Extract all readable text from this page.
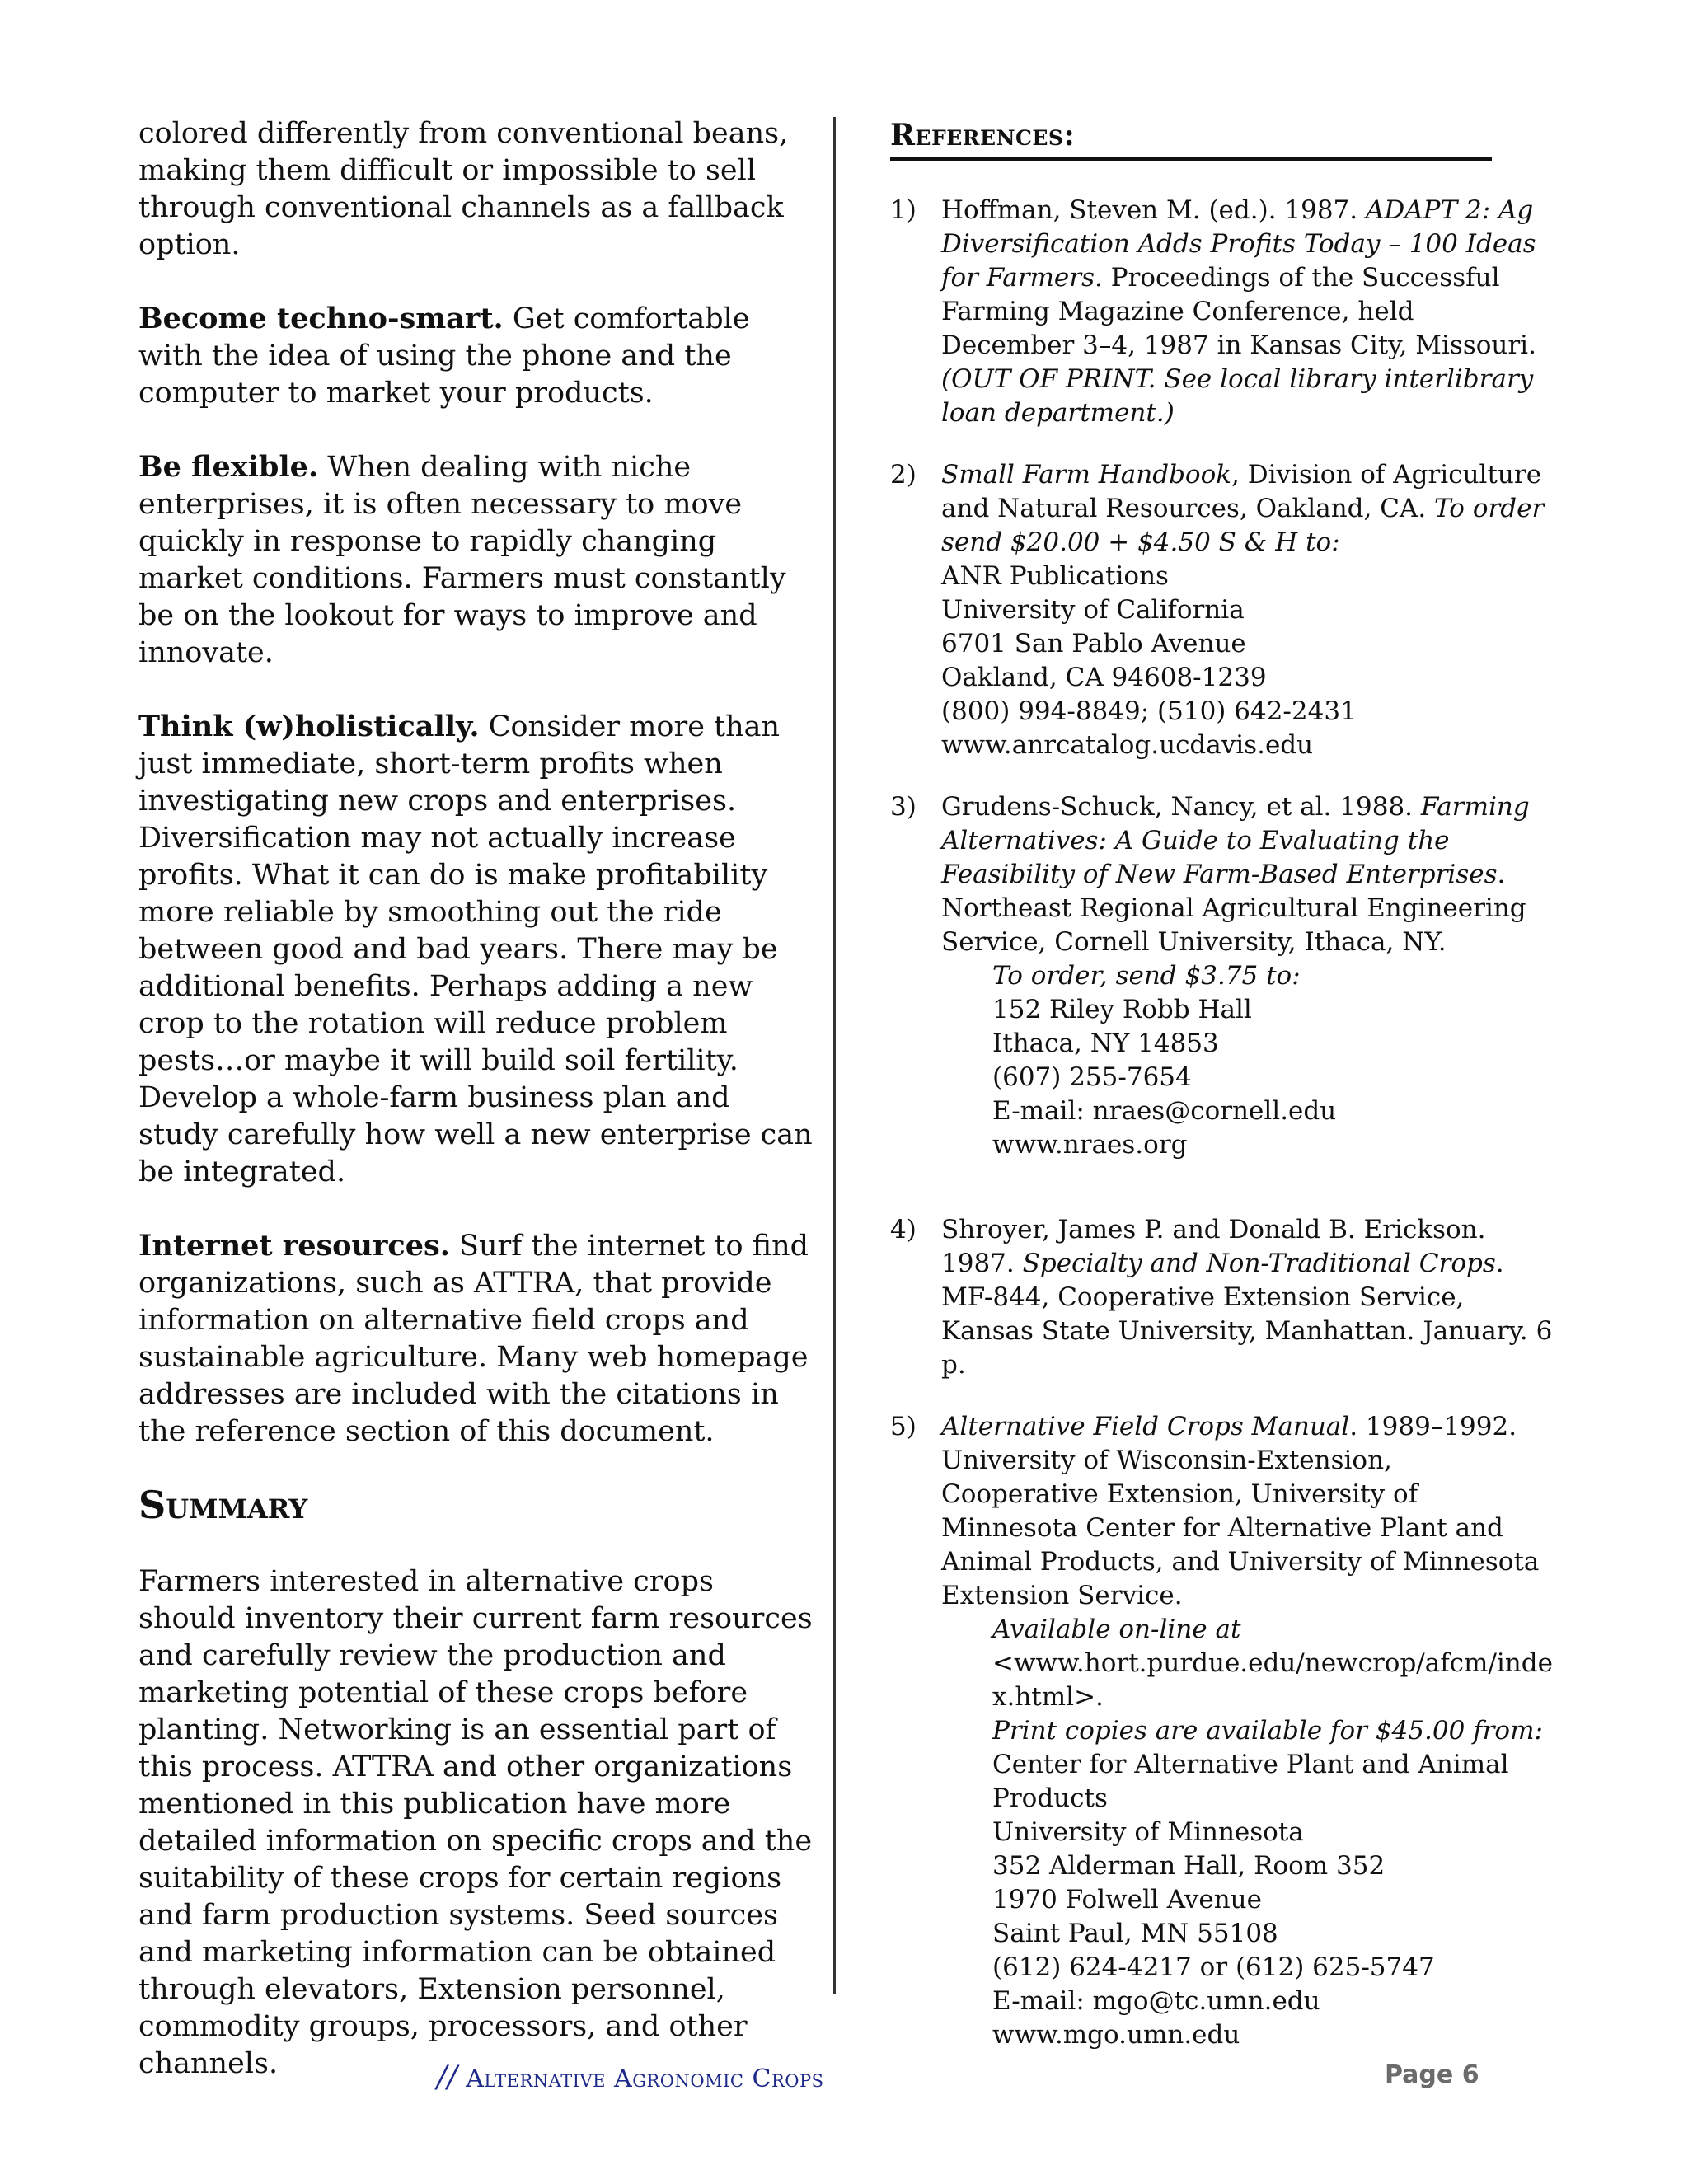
colored differently from conventional beans, making them difficult or impossible to sell through conventional channels as a fallback option.

Become techno-smart. Get comfortable with the idea of using the phone and the computer to market your products.

Be flexible. When dealing with niche enterprises, it is often necessary to move quickly in response to rapidly changing market conditions. Farmers must constantly be on the lookout for ways to improve and innovate.

Think (w)holistically. Consider more than just immediate, short-term profits when investigating new crops and enterprises. Diversification may not actually increase profits. What it can do is make profitability more reliable by smoothing out the ride between good and bad years. There may be additional benefits. Perhaps adding a new crop to the rotation will reduce problem pests…or maybe it will build soil fertility. Develop a whole-farm business plan and study carefully how well a new enterprise can be integrated.

Internet resources. Surf the internet to find organizations, such as ATTRA, that provide information on alternative field crops and sustainable agriculture. Many web homepage addresses are included with the citations in the reference section of this document.

Summary

Farmers interested in alternative crops should inventory their current farm resources and carefully review the production and marketing potential of these crops before planting. Networking is an essential part of this process. ATTRA and other organizations mentioned in this publication have more detailed information on specific crops and the suitability of these crops for certain regions and farm production systems. Seed sources and marketing information can be obtained through elevators, Extension personnel, commodity groups, processors, and other channels.

References:
1) Hoffman, Steven M. (ed.). 1987. ADAPT 2: Ag Diversification Adds Profits Today – 100 Ideas for Farmers. Proceedings of the Successful Farming Magazine Conference, held December 3–4, 1987 in Kansas City, Missouri.
(OUT OF PRINT. See local library interlibrary loan department.)
2) Small Farm Handbook, Division of Agriculture and Natural Resources, Oakland, CA. To order send $20.00 + $4.50 S & H to:
ANR Publications
University of California
6701 San Pablo Avenue
Oakland, CA 94608-1239
(800) 994-8849; (510) 642-2431
www.anrcatalog.ucdavis.edu
3) Grudens-Schuck, Nancy, et al. 1988. Farming Alternatives: A Guide to Evaluating the Feasibility of New Farm-Based Enterprises. Northeast Regional Agricultural Engineering Service, Cornell University, Ithaca, NY.
To order, send $3.75 to:
152 Riley Robb Hall
Ithaca, NY 14853
(607) 255-7654
E-mail: nraes@cornell.edu
www.nraes.org
4) Shroyer, James P. and Donald B. Erickson. 1987. Specialty and Non-Traditional Crops. MF-844, Cooperative Extension Service, Kansas State University, Manhattan. January. 6 p.
5) Alternative Field Crops Manual. 1989–1992. University of Wisconsin-Extension, Cooperative Extension, University of Minnesota Center for Alternative Plant and Animal Products, and University of Minnesota Extension Service.
Available on-line at
<www.hort.purdue.edu/newcrop/afcm/index.html>.
Print copies are available for $45.00 from:
Center for Alternative Plant and Animal Products
University of Minnesota
352 Alderman Hall, Room 352
1970 Folwell Avenue
Saint Paul, MN 55108
(612) 624-4217 or (612) 625-5747
E-mail: mgo@tc.umn.edu
www.mgo.umn.edu
// Alternative Agronomic Crops	Page 6
